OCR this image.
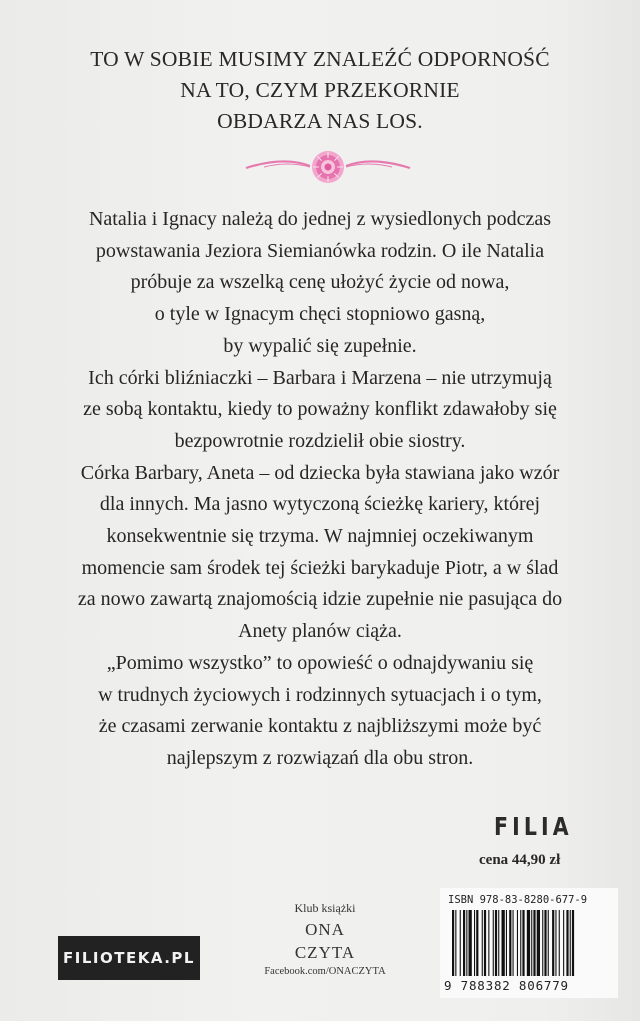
TO W SOBIE MUSIMY ZNALEŹĆ ODPORNOŚĆ
NA TO, CZYM PRZEKORNIE
OBDARZA NAS LOS.
Natalia i Ignacy należą do jednej z wysiedlonych podczas
powstawania Jeziora Siemianówka rodzin. O ile Natalia
próbuje za wszelką cenę ułożyć życie od nowa,
o tyle w Ignacym chęci stopniowo gasną,
by wypalić się zupełnie.
Ich córki bliźniaczki – Barbara i Marzena – nie utrzymują
ze sobą kontaktu, kiedy to poważny konflikt zdawałoby się
bezpowrotnie rozdzielił obie siostry.
Córka Barbary, Aneta – od dziecka była stawiana jako wzór
dla innych. Ma jasno wytyczoną ścieżkę kariery, której
konsekwentnie się trzyma. W najmniej oczekiwanym
momencie sam środek tej ścieżki barykaduje Piotr, a w ślad
za nowo zawartą znajomością idzie zupełnie nie pasująca do
Anety planów ciąża.
„Pomimo wszystko” to opowieść o odnajdywaniu się
w trudnych życiowych i rodzinnych sytuacjach i o tym,
że czasami zerwanie kontaktu z najbliższymi może być
najlepszym z rozwiązań dla obu stron.
FILIA
cena 44,90 zł
FILIOTEKA.PL
Klub książki
ONA
CZYTA
Facebook.com/ONACZYTA
ISBN 978-83-8280-677-9
9 788382 806779
